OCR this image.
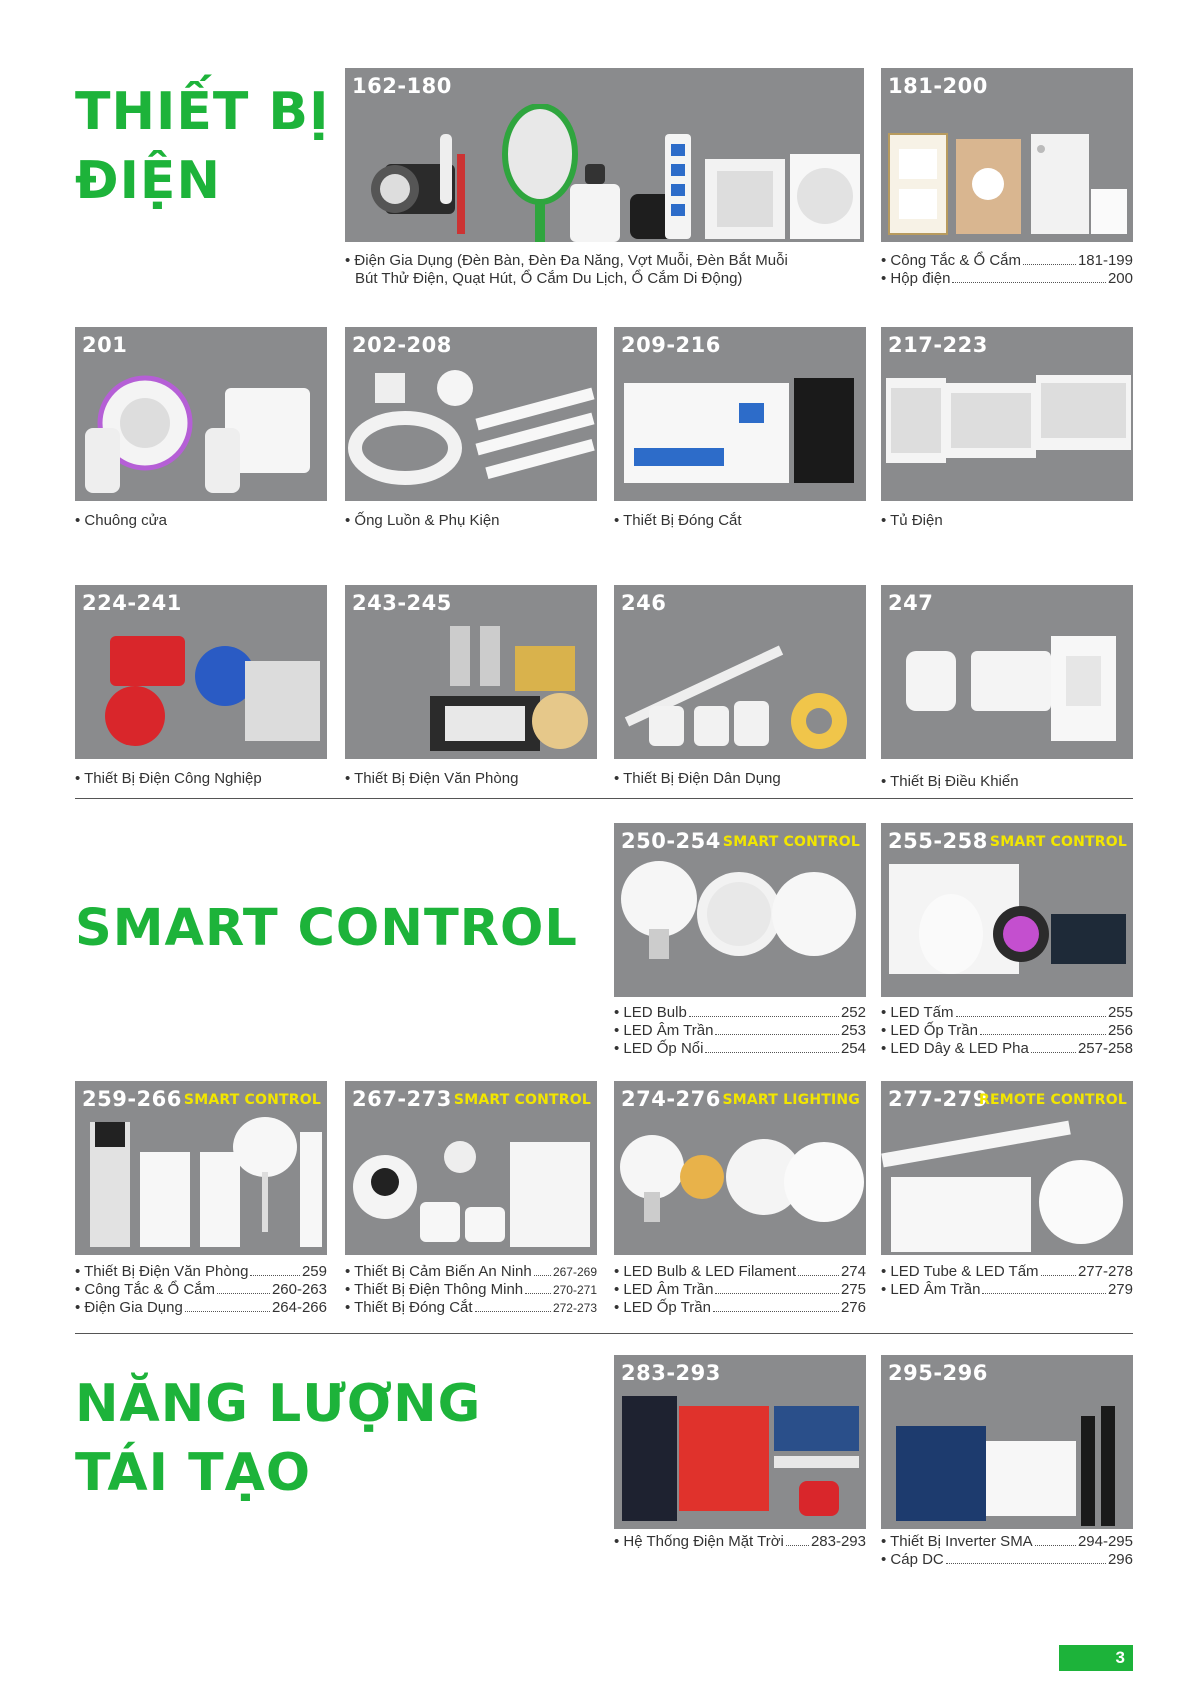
THIẾT BỊ
ĐIỆN
SMART CONTROL
NĂNG LƯỢNG
TÁI TẠO
162-180
• Điện Gia Dụng (Đèn Bàn, Đèn Đa Năng, Vợt Muỗi, Đèn Bắt Muỗi
Bút Thử Điện, Quạt Hút, Ổ Cắm Du Lịch, Ổ Cắm Di Động)
181-200
• Công Tắc & Ổ Cắm	181-199
• Hộp điện	200
201
• Chuông cửa
202-208
• Ống Luồn & Phụ Kiện
209-216
• Thiết Bị Đóng Cắt
217-223
• Tủ Điện
224-241
• Thiết Bị Điện Công Nghiệp
243-245
• Thiết Bị Điện Văn Phòng
246
• Thiết Bị Điện Dân Dụng
247
• Thiết Bị Điều Khiển
250-254 SMART CONTROL
• LED Bulb	252
• LED Âm Trần	253
• LED Ốp Nổi	254
255-258 SMART CONTROL
• LED Tấm	255
• LED Ốp Trần	256
• LED Dây & LED Pha	257-258
259-266 SMART CONTROL
• Thiết Bị Điện Văn Phòng	259
• Công Tắc & Ổ Cắm	260-263
• Điện Gia Dụng	264-266
267-273 SMART CONTROL
• Thiết Bị Cảm Biến An Ninh 267-269
• Thiết Bị Điện Thông Minh 270-271
• Thiết Bị Đóng Cắt	272-273
274-276 SMART LIGHTING
• LED Bulb & LED Filament	274
• LED Âm Trần	275
• LED Ốp Trần	276
277-279
REMOTE CONTROL
• LED Tube & LED Tấm	277-278
• LED Âm Trần	279
283-293
• Hệ Thống Điện Mặt Trời 283-293
295-296
• Thiết Bị Inverter SMA	294-295
• Cáp DC	296
3
